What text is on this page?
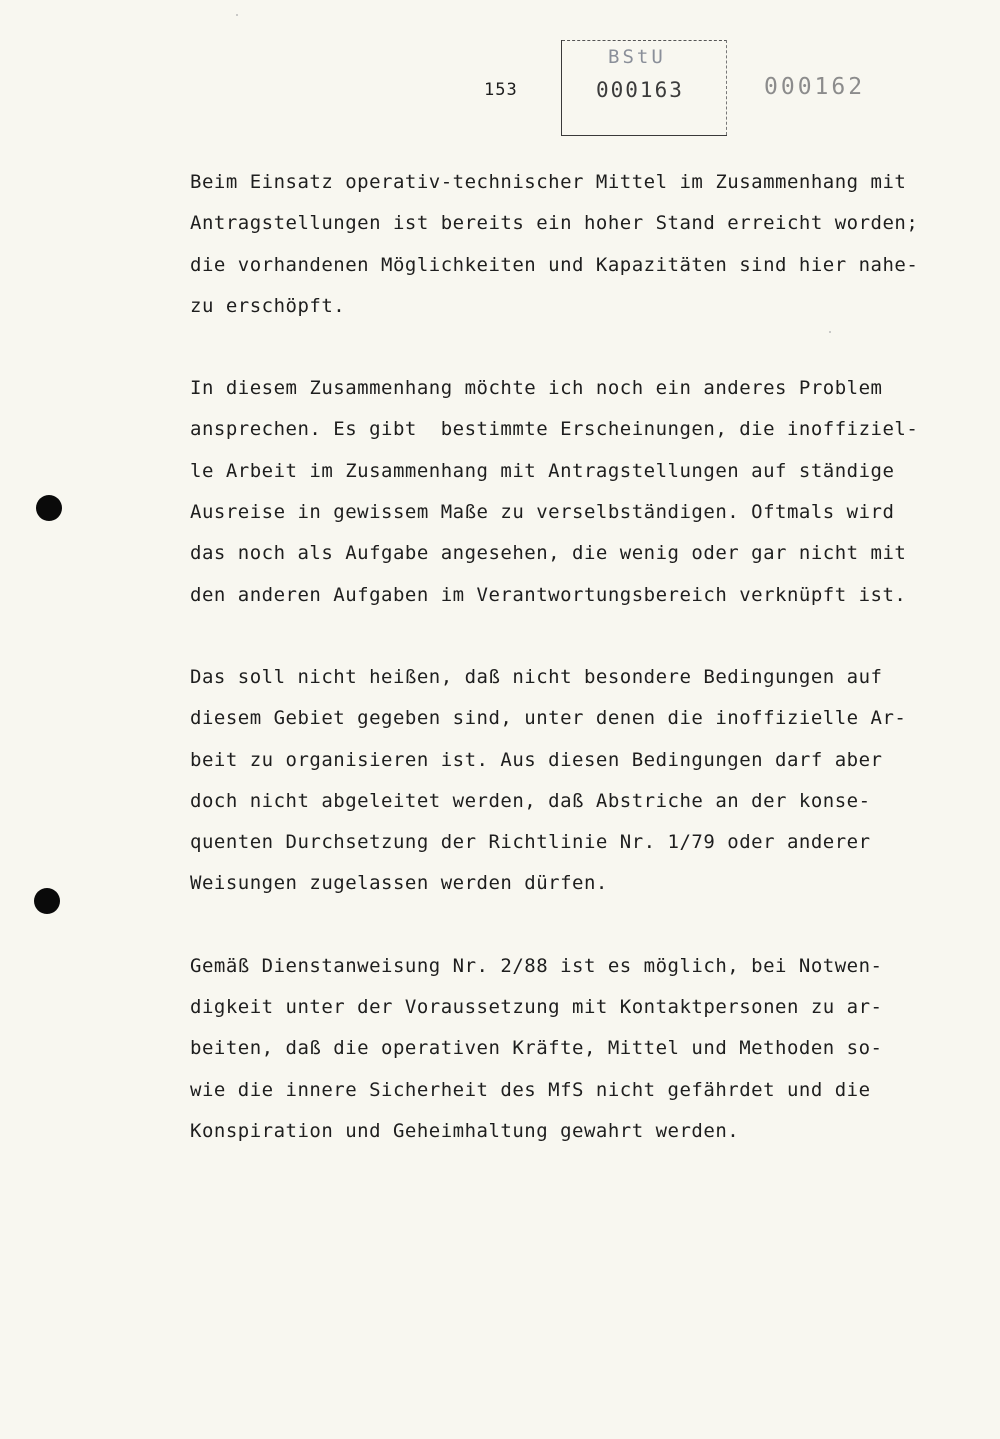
153
BStU
000163	000162
Beim Einsatz operativ-technischer Mittel im Zusammenhang mit
Antragstellungen ist bereits ein hoher Stand erreicht worden;
die vorhandenen Möglichkeiten und Kapazitäten sind hier nahe-
zu erschöpft.
In diesem Zusammenhang möchte ich noch ein anderes Problem
ansprechen. Es gibt  bestimmte Erscheinungen, die inoffiziel-
le Arbeit im Zusammenhang mit Antragstellungen auf ständige
Ausreise in gewissem Maße zu verselbständigen. Oftmals wird
das noch als Aufgabe angesehen, die wenig oder gar nicht mit
den anderen Aufgaben im Verantwortungsbereich verknüpft ist.
Das soll nicht heißen, daß nicht besondere Bedingungen auf
diesem Gebiet gegeben sind, unter denen die inoffizielle Ar-
beit zu organisieren ist. Aus diesen Bedingungen darf aber
doch nicht abgeleitet werden, daß Abstriche an der konse-
quenten Durchsetzung der Richtlinie Nr. 1/79 oder anderer
Weisungen zugelassen werden dürfen.
Gemäß Dienstanweisung Nr. 2/88 ist es möglich, bei Notwen-
digkeit unter der Voraussetzung mit Kontaktpersonen zu ar-
beiten, daß die operativen Kräfte, Mittel und Methoden so-
wie die innere Sicherheit des MfS nicht gefährdet und die
Konspiration und Geheimhaltung gewahrt werden.
